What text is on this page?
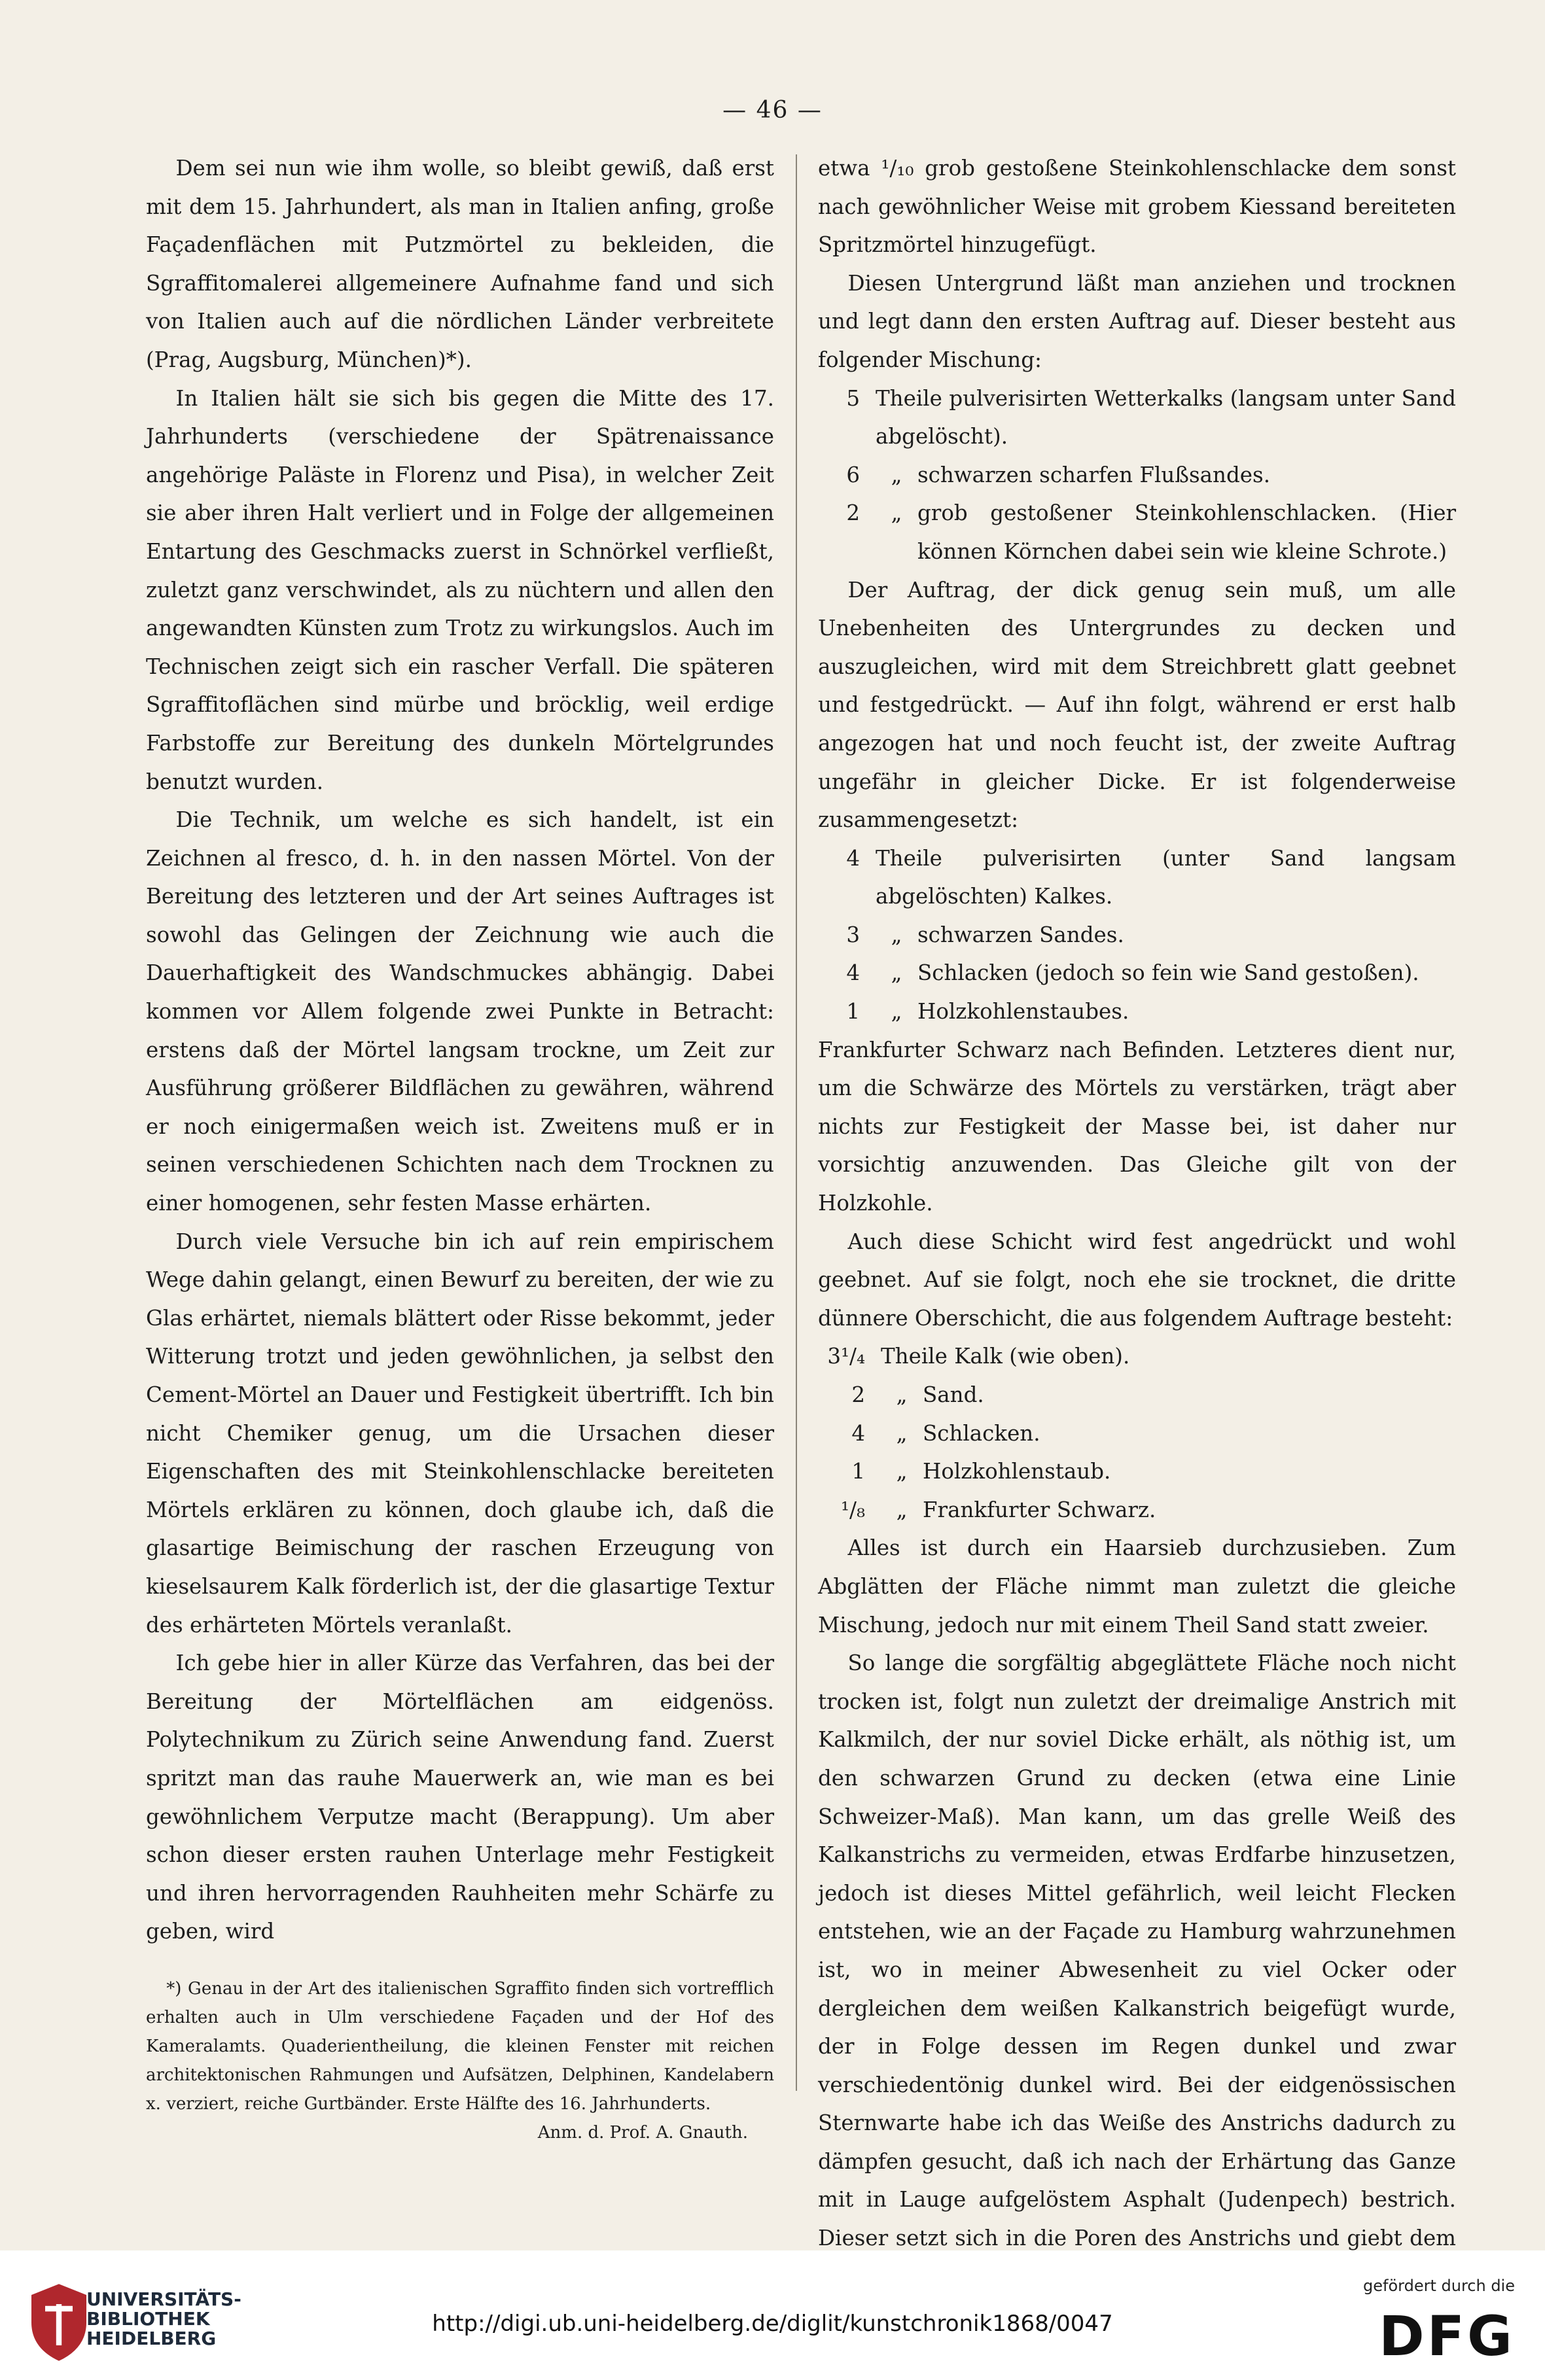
— 46 —

Dem sei nun wie ihm wolle, so bleibt gewiß, daß erst mit dem 15. Jahrhundert, als man in Italien anfing, große Façadenflächen mit Putzmörtel zu bekleiden, die Sgraffitomalerei allgemeinere Aufnahme fand und sich von Italien auch auf die nördlichen Länder verbreitete (Prag, Augsburg, München)*).

In Italien hält sie sich bis gegen die Mitte des 17. Jahrhunderts (verschiedene der Spätrenaissance angehörige Paläste in Florenz und Pisa), in welcher Zeit sie aber ihren Halt verliert und in Folge der allgemeinen Entartung des Geschmacks zuerst in Schnörkel verfließt, zuletzt ganz verschwindet, als zu nüchtern und allen den angewandten Künsten zum Trotz zu wirkungslos. Auch im Technischen zeigt sich ein rascher Verfall. Die späteren Sgraffitoflächen sind mürbe und bröcklig, weil erdige Farbstoffe zur Bereitung des dunkeln Mörtelgrundes benutzt wurden.

Die Technik, um welche es sich handelt, ist ein Zeichnen al fresco, d. h. in den nassen Mörtel. Von der Bereitung des letzteren und der Art seines Auftrages ist sowohl das Gelingen der Zeichnung wie auch die Dauerhaftigkeit des Wandschmuckes abhängig. Dabei kommen vor Allem folgende zwei Punkte in Betracht: erstens daß der Mörtel langsam trockne, um Zeit zur Ausführung größerer Bildflächen zu gewähren, während er noch einigermaßen weich ist. Zweitens muß er in seinen verschiedenen Schichten nach dem Trocknen zu einer homogenen, sehr festen Masse erhärten.

Durch viele Versuche bin ich auf rein empirischem Wege dahin gelangt, einen Bewurf zu bereiten, der wie zu Glas erhärtet, niemals blättert oder Risse bekommt, jeder Witterung trotzt und jeden gewöhnlichen, ja selbst den Cement-Mörtel an Dauer und Festigkeit übertrifft. Ich bin nicht Chemiker genug, um die Ursachen dieser Eigenschaften des mit Steinkohlenschlacke bereiteten Mörtels erklären zu können, doch glaube ich, daß die glasartige Beimischung der raschen Erzeugung von kieselsaurem Kalk förderlich ist, der die glasartige Textur des erhärteten Mörtels veranlaßt.

Ich gebe hier in aller Kürze das Verfahren, das bei der Bereitung der Mörtelflächen am eidgenöss. Polytechnikum zu Zürich seine Anwendung fand. Zuerst spritzt man das rauhe Mauerwerk an, wie man es bei gewöhnlichem Verputze macht (Berappung). Um aber schon dieser ersten rauhen Unterlage mehr Festigkeit und ihren hervorragenden Rauhheiten mehr Schärfe zu geben, wird

*) Genau in der Art des italienischen Sgraffito finden sich vortrefflich erhalten auch in Ulm verschiedene Façaden und der Hof des Kameralamts. Quaderientheilung, die kleinen Fenster mit reichen architektonischen Rahmungen und Aufsätzen, Delphinen, Kandelabern x. verziert, reiche Gurtbänder. Erste Hälfte des 16. Jahrhunderts.

Anm. d. Prof. A. Gnauth.

etwa ¹/₁₀ grob gestoßene Steinkohlenschlacke dem sonst nach gewöhnlicher Weise mit grobem Kiessand bereiteten Spritzmörtel hinzugefügt.

Diesen Untergrund läßt man anziehen und trocknen und legt dann den ersten Auftrag auf. Dieser besteht aus folgender Mischung:

5 Theile pulverisirten Wetterkalks (langsam unter Sand abgelöscht).
6	„ schwarzen scharfen Flußsandes.
2	„ grob gestoßener Steinkohlenschlacken. (Hier können Körnchen dabei sein wie kleine Schrote.)

Der Auftrag, der dick genug sein muß, um alle Unebenheiten des Untergrundes zu decken und auszugleichen, wird mit dem Streichbrett glatt geebnet und festgedrückt. — Auf ihn folgt, während er erst halb angezogen hat und noch feucht ist, der zweite Auftrag ungefähr in gleicher Dicke. Er ist folgenderweise zusammengesetzt:

4 Theile pulverisirten (unter Sand langsam abgelöschten) Kalkes.
3	„ schwarzen Sandes.
4	„ Schlacken (jedoch so fein wie Sand gestoßen).
1	„ Holzkohlenstaubes.

Frankfurter Schwarz nach Befinden. Letzteres dient nur, um die Schwärze des Mörtels zu verstärken, trägt aber nichts zur Festigkeit der Masse bei, ist daher nur vorsichtig anzuwenden. Das Gleiche gilt von der Holzkohle.

Auch diese Schicht wird fest angedrückt und wohl geebnet. Auf sie folgt, noch ehe sie trocknet, die dritte dünnere Oberschicht, die aus folgendem Auftrage besteht:

3¹/₄ Theile Kalk (wie oben).
2	„ Sand.
4	„ Schlacken.
1	„ Holzkohlenstaub.
¹/₈	„ Frankfurter Schwarz.

Alles ist durch ein Haarsieb durchzusieben. Zum Abglätten der Fläche nimmt man zuletzt die gleiche Mischung, jedoch nur mit einem Theil Sand statt zweier.

So lange die sorgfältig abgeglättete Fläche noch nicht trocken ist, folgt nun zuletzt der dreimalige Anstrich mit Kalkmilch, der nur soviel Dicke erhält, als nöthig ist, um den schwarzen Grund zu decken (etwa eine Linie Schweizer-Maß). Man kann, um das grelle Weiß des Kalkanstrichs zu vermeiden, etwas Erdfarbe hinzusetzen, jedoch ist dieses Mittel gefährlich, weil leicht Flecken entstehen, wie an der Façade zu Hamburg wahrzunehmen ist, wo in meiner Abwesenheit zu viel Ocker oder dergleichen dem weißen Kalkanstrich beigefügt wurde, der in Folge dessen im Regen dunkel und zwar verschiedentönig dunkel wird. Bei der eidgenössischen Sternwarte habe ich das Weiße des Anstrichs dadurch zu dämpfen gesucht, daß ich nach der Erhärtung das Ganze mit in Lauge aufgelöstem Asphalt (Judenpech) bestrich. Dieser setzt sich in die Poren des Anstrichs und giebt dem

UNIVERSITÄTS-
BIBLIOTHEK
HEIDELBERG
http://digi.ub.uni-heidelberg.de/diglit/kunstchronik1868/0047
gefördert durch die
DFG
